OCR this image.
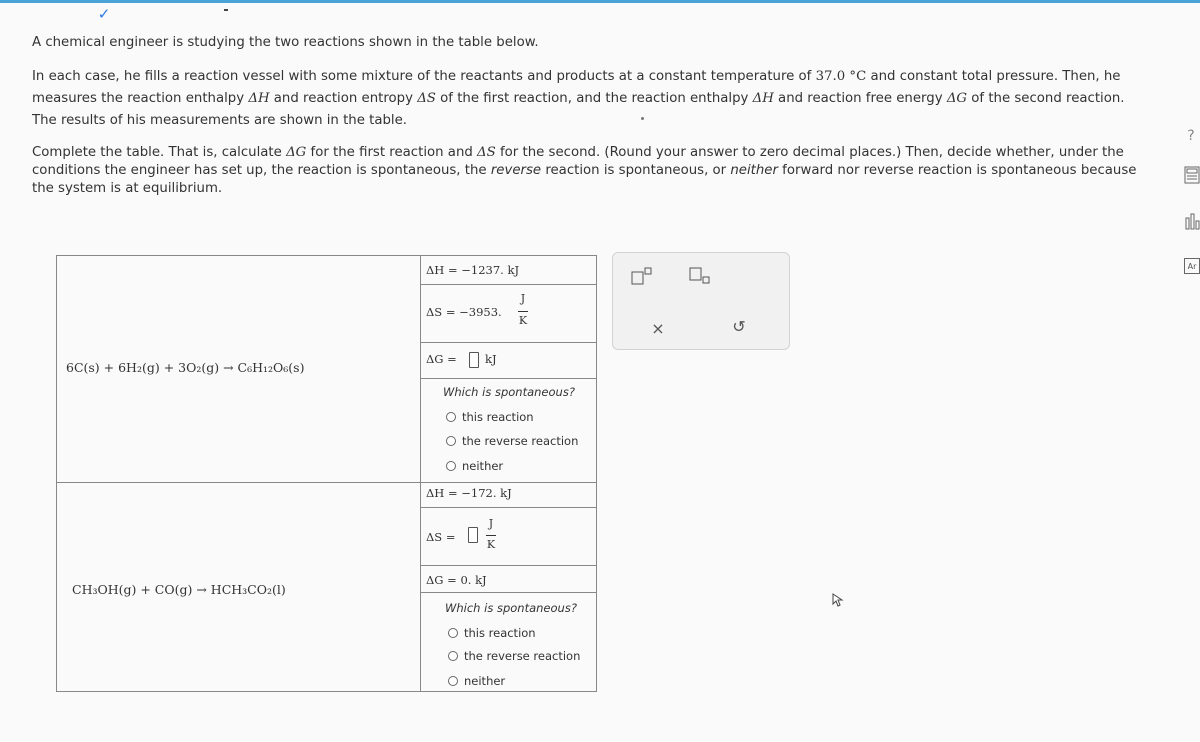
✓

A chemical engineer is studying the two reactions shown in the table below.

In each case, he fills a reaction vessel with some mixture of the reactants and products at a constant temperature of 37.0 °C and constant total pressure. Then, he measures the reaction enthalpy ΔH and reaction entropy ΔS of the first reaction, and the reaction enthalpy ΔH and reaction free energy ΔG of the second reaction. The results of his measurements are shown in the table.

Complete the table. That is, calculate ΔG for the first reaction and ΔS for the second. (Round your answer to zero decimal places.) Then, decide whether, under the conditions the engineer has set up, the reaction is spontaneous, the reverse reaction is spontaneous, or neither forward nor reverse reaction is spontaneous because the system is at equilibrium.

6C(s) + 6H₂(g) + 3O₂(g) → C₆H₁₂O₆(s)
ΔH = −1237. kJ
ΔS = −3953.
J
K
ΔG = kJ
Which is spontaneous?
this reaction
the reverse reaction
neither
CH₃OH(g) + CO(g) → HCH₃CO₂(l)
ΔH = −172. kJ
ΔS =
J
K
ΔG = 0. kJ
Which is spontaneous?
this reaction
the reverse reaction
neither
×	↺
?
Ar
